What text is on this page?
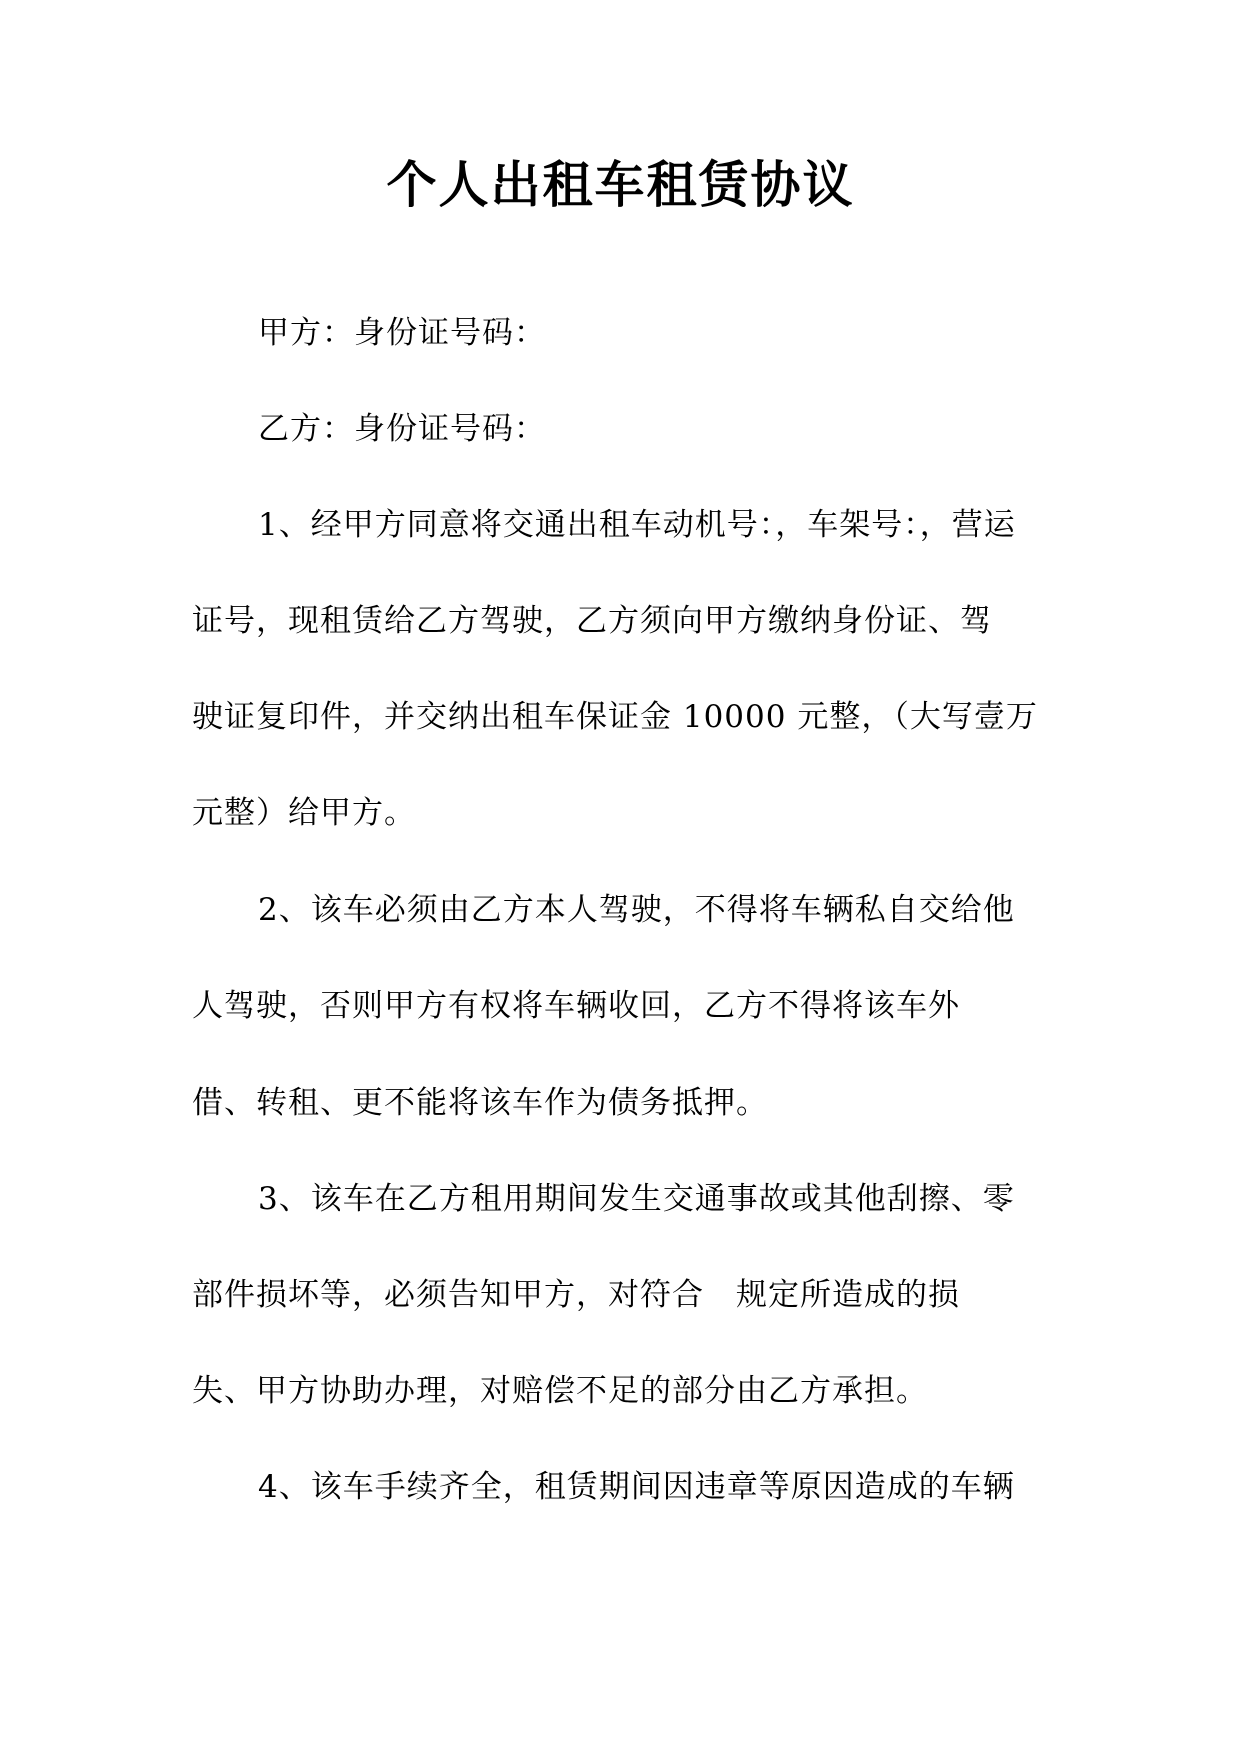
个人出租车租赁协议
甲方：身份证号码：
乙方：身份证号码：
1、经甲方同意将交通出租车动机号：，车架号：，营运
证号，现租赁给乙方驾驶，乙方须向甲方缴纳身份证、驾
驶证复印件，并交纳出租车保证金 10000 元整，（大写壹万
元整）给甲方。
2、该车必须由乙方本人驾驶，不得将车辆私自交给他
人驾驶，否则甲方有权将车辆收回，乙方不得将该车外
借、转租、更不能将该车作为债务抵押。
3、该车在乙方租用期间发生交通事故或其他刮擦、零
部件损坏等，必须告知甲方，对符合　规定所造成的损
失、甲方协助办理，对赔偿不足的部分由乙方承担。
4、该车手续齐全，租赁期间因违章等原因造成的车辆
